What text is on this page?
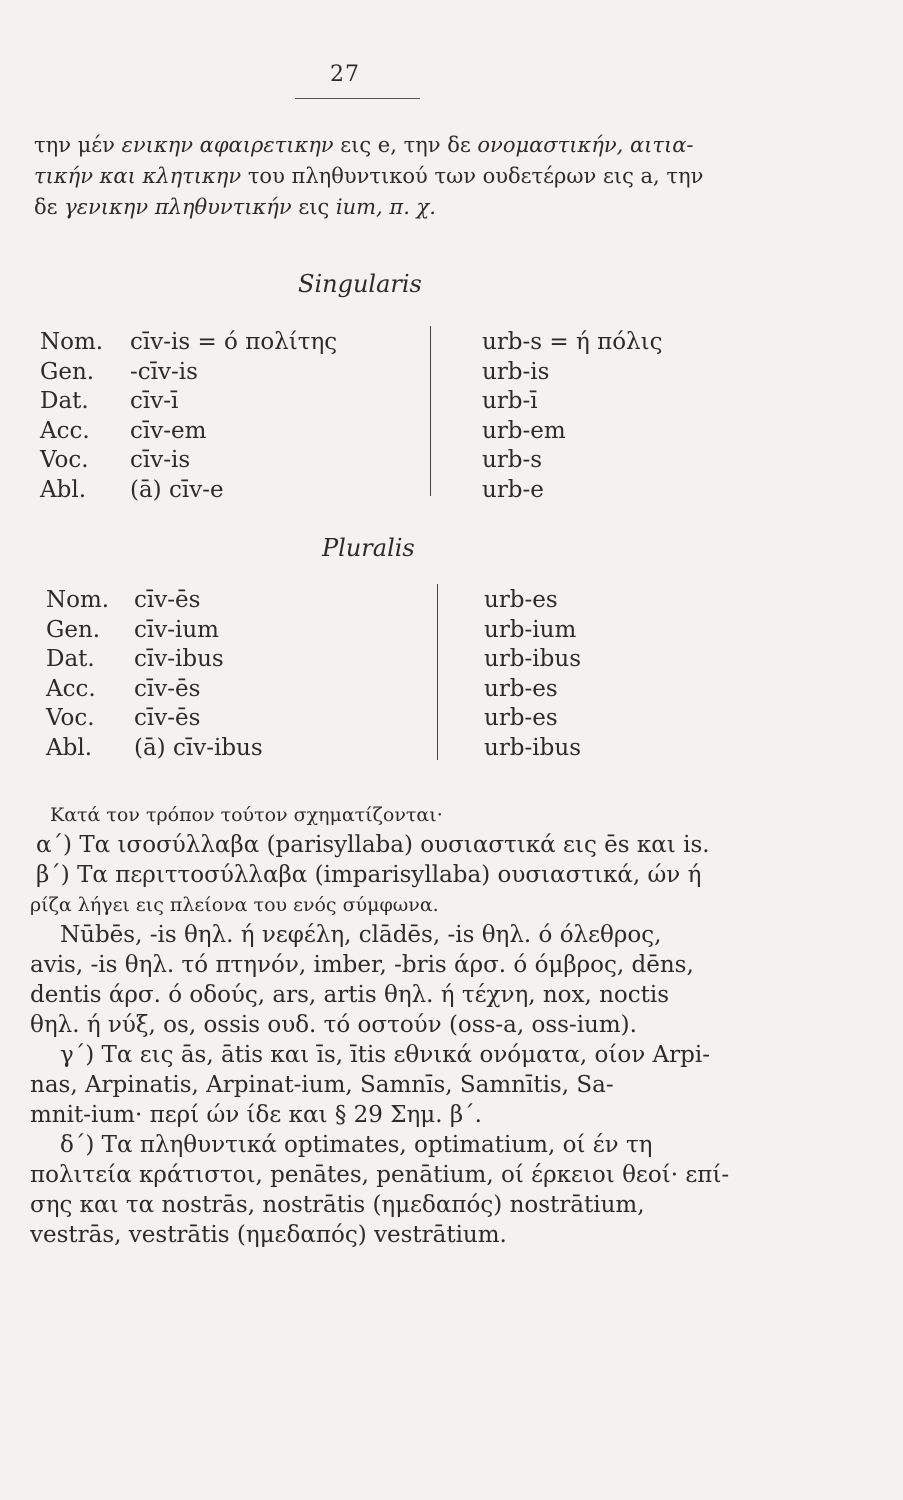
27
την μέν ενικην αφαιρετικην εις e, την δε ονομαστικήν, αιτια-
τικήν και κλητικην του πληθυντικού των ουδετέρων εις a, την
δε γενικην πληθυντικήν εις ium, π. χ.
Singularis
Nom.
Gen.
Dat.
Acc.
Voc.
Abl.
cīv-is = ό πολίτης
-cīv-is
cīv-ī
cīv-em
cīv-is
(ā) cīv-e
urb-s = ή πόλις
urb-is
urb-ī
urb-em
urb-s
urb-e
Pluralis
Nom.
Gen.
Dat.
Acc.
Voc.
Abl.
cīv-ēs
cīv-ium
cīv-ibus
cīv-ēs
cīv-ēs
(ā) cīv-ibus
urb-es
urb-ium
urb-ibus
urb-es
urb-es
urb-ibus
Κατά τον τρόπον τούτον σχηματίζονται·
α΄) Τα ισοσύλλαβα (parisyllaba) ουσιαστικά εις ēs και is.
β΄) Τα περιττοσύλλαβα (imparisyllaba) ουσιαστικά, ών ή
ρίζα λήγει εις πλείονα του ενός σύμφωνα.
Nūbēs, -is θηλ. ή νεφέλη, clādēs, -is θηλ. ό όλεθρος,
avis, -is θηλ. τό πτηνόν, imber, -bris άρσ. ό όμβρος, dēns,
dentis άρσ. ό οδούς, ars, artis θηλ. ή τέχνη, nox, noctis
θηλ. ή νύξ, os, ossis ουδ. τό οστούν (oss-a, oss-ium).
γ΄) Τα εις ās, ātis και īs, ītis εθνικά ονόματα, οίον Arpi-
nas, Arpinatis, Arpinat-ium, Samnīs, Samnītis, Sa-
mnit-ium· περί ών ίδε και § 29 Σημ. β΄.
δ΄) Τα πληθυντικά optimates, optimatium, οί έν τη
πολιτεία κράτιστοι, penātes, penātium, οί έρκειοι θεοί· επί-
σης και τα nostrās, nostrātis (ημεδαπός) nostrātium,
vestrās, vestrātis (ημεδαπός) vestrātium.
